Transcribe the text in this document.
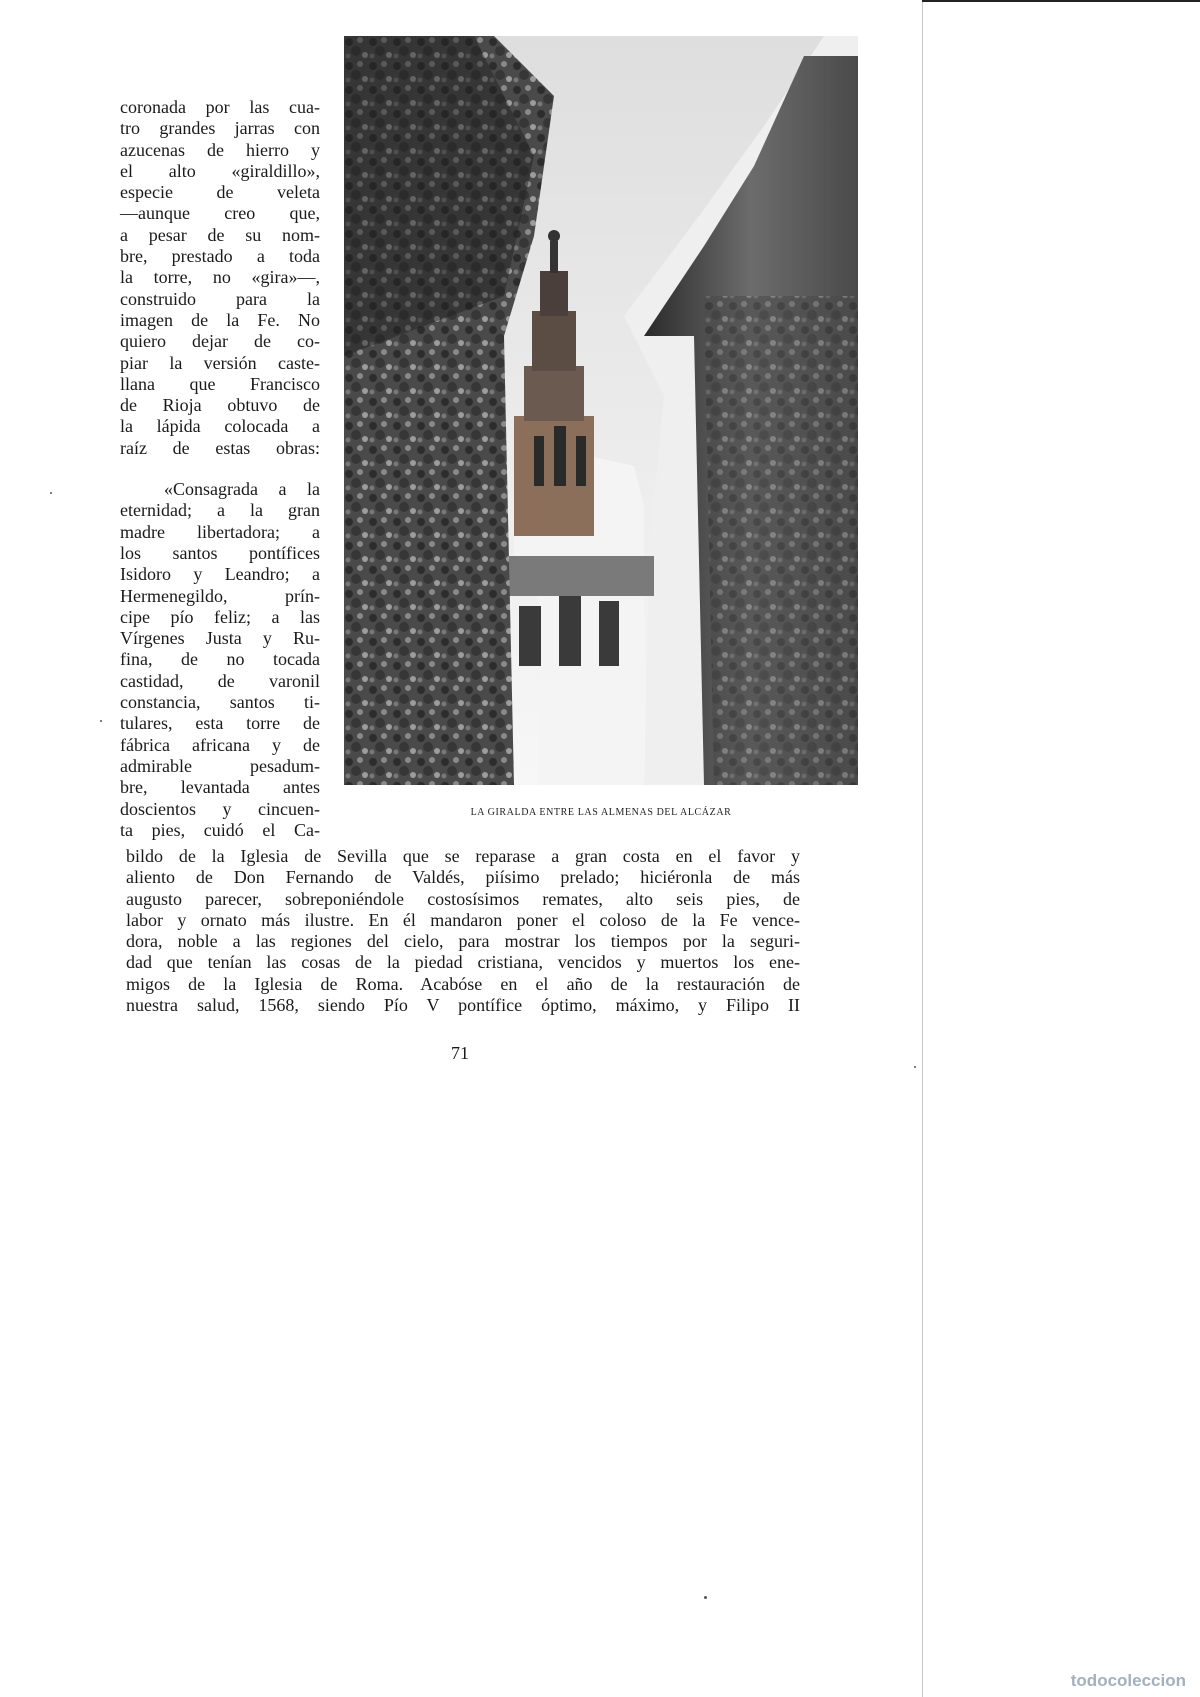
coronada por las cua-
tro grandes jarras con
azucenas de hierro y
el alto «giraldillo»,
especie de veleta
—aunque creo que,
a pesar de su nom-
bre, prestado a toda
la torre, no «gira»—,
construido para la
imagen de la Fe. No
quiero dejar de co-
piar la versión caste-
llana que Francisco
de Rioja obtuvo de
la lápida colocada a
raíz de estas obras:
«Consagrada a la
eternidad; a la gran
madre libertadora; a
los santos pontífices
Isidoro y Leandro; a
Hermenegildo, prín-
cipe pío feliz; a las
Vírgenes Justa y Ru-
fina, de no tocada
castidad, de varonil
constancia, santos ti-
tulares, esta torre de
fábrica africana y de
admirable pesadum-
bre, levantada antes
doscientos y cincuen-
ta pies, cuidó el Ca-
LA GIRALDA ENTRE LAS ALMENAS DEL ALCÁZAR
bildo de la Iglesia de Sevilla que se reparase a gran costa en el favor y
aliento de Don Fernando de Valdés, piísimo prelado; hiciéronla de más
augusto parecer, sobreponiéndole costosísimos remates, alto seis pies, de
labor y ornato más ilustre. En él mandaron poner el coloso de la Fe vence-
dora, noble a las regiones del cielo, para mostrar los tiempos por la seguri-
dad que tenían las cosas de la piedad cristiana, vencidos y muertos los ene-
migos de la Iglesia de Roma. Acabóse en el año de la restauración de
nuestra salud, 1568, siendo Pío V pontífice óptimo, máximo, y Filipo II
71
todocoleccion
